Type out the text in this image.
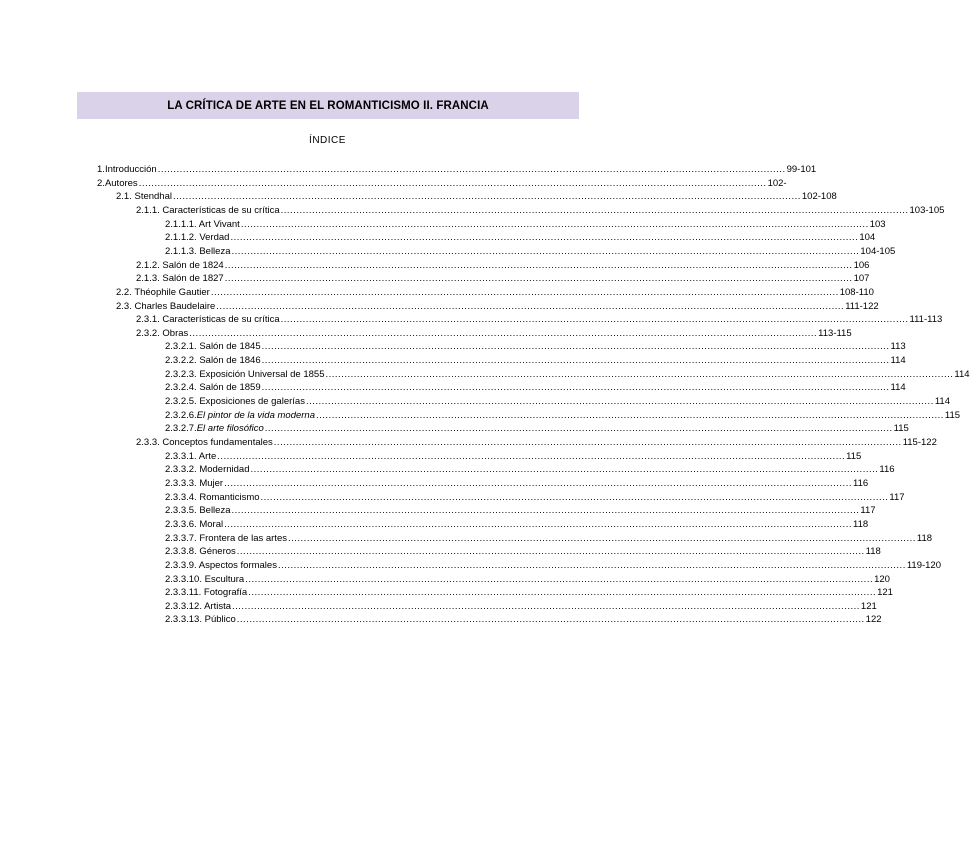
LA CRÍTICA DE ARTE EN EL ROMANTICISMO II. FRANCIA
ÍNDICE
1. Introducción ........................................................................................................................................................................................................ 99-101
2. Autores ........................................................................................................................................................................................................ 102-
2.1. Stendhal ........................................................................................................................................................................................................ 102-108
2.1.1. Características de su crítica ........................................................................................................................................................................................................ 103-105
2.1.1.1. Art Vivant ........................................................................................................................................................................................................ 103
2.1.1.2. Verdad ........................................................................................................................................................................................................ 104
2.1.1.3. Belleza ........................................................................................................................................................................................................ 104-105
2.1.2. Salón de 1824 ........................................................................................................................................................................................................ 106
2.1.3. Salón de 1827 ........................................................................................................................................................................................................ 107
2.2. Théophile Gautier ........................................................................................................................................................................................................ 108-110
2.3. Charles Baudelaire ........................................................................................................................................................................................................ 111-122
2.3.1. Características de su crítica ........................................................................................................................................................................................................ 111-113
2.3.2. Obras ........................................................................................................................................................................................................ 113-115
2.3.2.1. Salón de 1845 ........................................................................................................................................................................................................ 113
2.3.2.2. Salón de 1846 ........................................................................................................................................................................................................ 114
2.3.2.3. Exposición Universal de 1855 ........................................................................................................................................................................................................ 114
2.3.2.4. Salón de 1859 ........................................................................................................................................................................................................ 114
2.3.2.5. Exposiciones de galerías ........................................................................................................................................................................................................ 114
2.3.2.6. El pintor de la vida moderna ........................................................................................................................................................................................................ 115
2.3.2.7. El arte filosófico ........................................................................................................................................................................................................ 115
2.3.3. Conceptos fundamentales ........................................................................................................................................................................................................ 115-122
2.3.3.1. Arte ........................................................................................................................................................................................................ 115
2.3.3.2. Modernidad ........................................................................................................................................................................................................ 116
2.3.3.3. Mujer ........................................................................................................................................................................................................ 116
2.3.3.4. Romanticismo ........................................................................................................................................................................................................ 117
2.3.3.5. Belleza ........................................................................................................................................................................................................ 117
2.3.3.6. Moral ........................................................................................................................................................................................................ 118
2.3.3.7. Frontera de las artes ........................................................................................................................................................................................................ 118
2.3.3.8. Géneros ........................................................................................................................................................................................................ 118
2.3.3.9. Aspectos formales ........................................................................................................................................................................................................ 119-120
2.3.3.10. Escultura ........................................................................................................................................................................................................ 120
2.3.3.11. Fotografía ........................................................................................................................................................................................................ 121
2.3.3.12. Artista ........................................................................................................................................................................................................ 121
2.3.3.13. Público ........................................................................................................................................................................................................ 122
